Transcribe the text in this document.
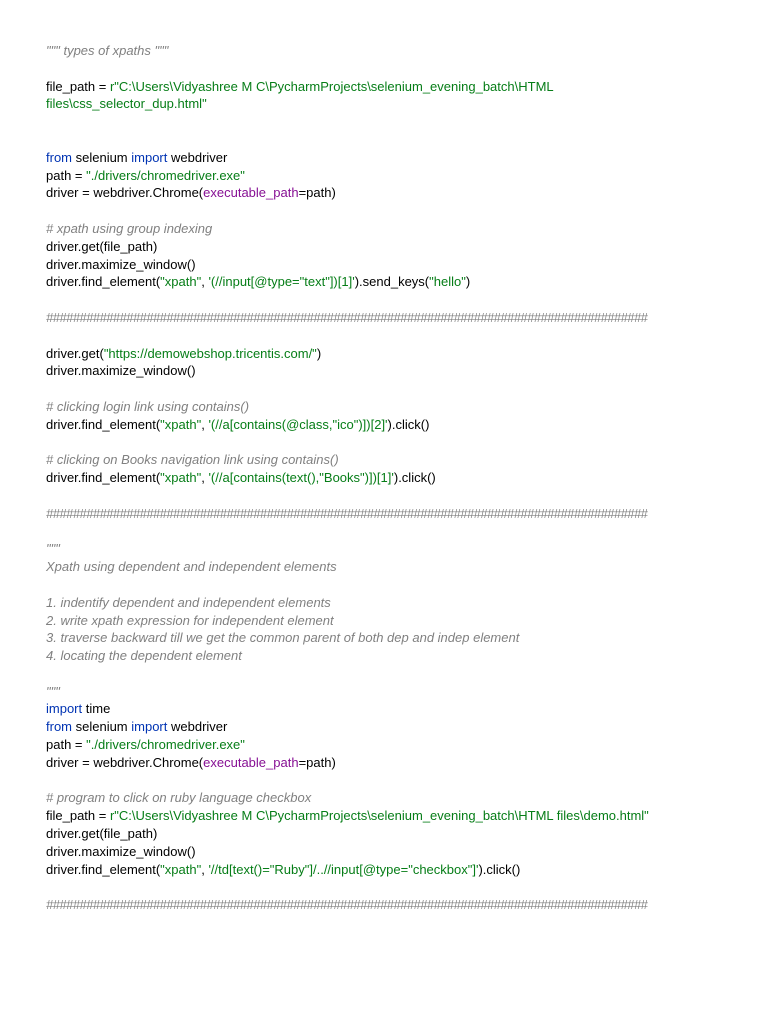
""" types of xpaths """
file_path = r"C:\Users\Vidyashree M C\PycharmProjects\selenium_evening_batch\HTML
files\css_selector_dup.html"
from selenium import webdriver
path = "./drivers/chromedriver.exe"
driver = webdriver.Chrome(executable_path=path)
# xpath using group indexing
driver.get(file_path)
driver.maximize_window()
driver.find_element("xpath", '(//input[@type="text"])[1]').send_keys("hello")
##########################################################################################
driver.get("https://demowebshop.tricentis.com/")
driver.maximize_window()
# clicking login link using contains()
driver.find_element("xpath", '(//a[contains(@class,"ico")])[2]').click()
# clicking on Books navigation link using contains()
driver.find_element("xpath", '(//a[contains(text(),"Books")])[1]').click()
##########################################################################################
"""
Xpath using dependent and independent elements
1. indentify dependent and independent elements
2. write xpath expression for independent element
3. traverse backward till we get the common parent of both dep and indep element
4. locating the dependent element
"""
import time
from selenium import webdriver
path = "./drivers/chromedriver.exe"
driver = webdriver.Chrome(executable_path=path)
# program to click on ruby language checkbox
file_path = r"C:\Users\Vidyashree M C\PycharmProjects\selenium_evening_batch\HTML files\demo.html"
driver.get(file_path)
driver.maximize_window()
driver.find_element("xpath", '//td[text()="Ruby"]/..//input[@type="checkbox"]').click()
##########################################################################################
